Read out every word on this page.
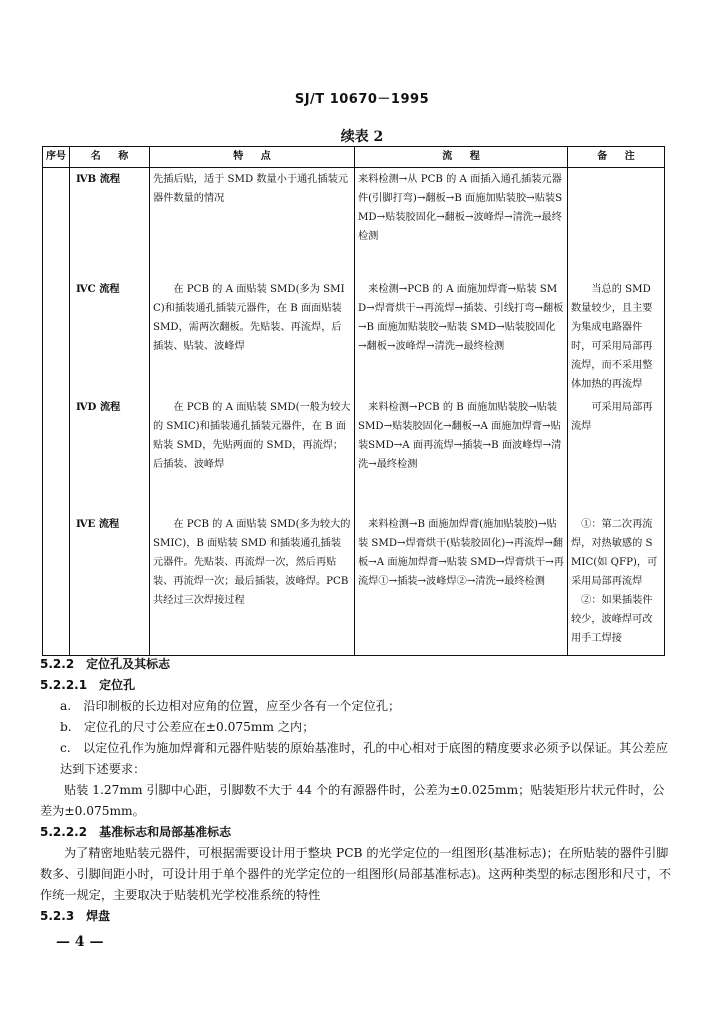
SJ/T 10670－1995
续表 2
序号	名 称	特 点	流 程	备 注
	ⅣB 流程	先插后贴，适于 SMD 数量小于通孔插装元器件数量的情况	来料检测→从 PCB 的 A 面插入通孔插装元器件(引脚打弯)→翻板→B 面施加贴装胶→贴装SMD→贴装胶固化→翻板→波峰焊→清洗→最终检测	
	ⅣC 流程	　　在 PCB 的 A 面贴装 SMD(多为 SMIC)和插装通孔插装元器件，在 B 面面贴装 SMD，需两次翻板。先贴装、再流焊，后插装、贴装、波峰焊	　来检测→PCB 的 A 面施加焊膏→贴装 SMD→焊膏烘干→再流焊→插装、引线打弯→翻板→B 面施加贴装胶→贴装 SMD→贴装胶固化→翻板→波峰焊→清洗→最终检测	　　当总的 SMD 数量较少，且主要为集成电路器件时，可采用局部再流焊，而不采用整体加热的再流焊
	ⅣD 流程	　　在 PCB 的 A 面贴装 SMD(一般为较大的 SMIC)和插装通孔插装元器件，在 B 面贴装 SMD，先贴两面的 SMD，再流焊；后插装、波峰焊	　来料检测→PCB 的 B 面施加贴装胶→贴装 SMD→贴装胶固化→翻板→A 面施加焊膏→贴装SMD→A 面再流焊→插装→B 面波峰焊→清洗→最终检测	　　可采用局部再流焊
	ⅣE 流程	　　在 PCB 的 A 面贴装 SMD(多为较大的 SMIC)，B 面贴装 SMD 和插装通孔插装元器件。先贴装、再流焊一次，然后再贴装、再流焊一次；最后插装，波峰焊。PCB 共经过三次焊接过程	　来料检测→B 面施加焊膏(施加贴装胶)→贴装 SMD→焊膏烘干(贴装胶固化)→再流焊→翻板→A 面施加焊膏→贴装 SMD→焊膏烘干→再流焊①→插装→波峰焊②→清洗→最终检测	　①：第二次再流焊，对热敏感的 SMIC(如 QFP)，可采用局部再流焊
　②：如果插装件较少，波峰焊可改用手工焊接
5.2.2　定位孔及其标志
5.2.2.1　定位孔
a.　沿印制板的长边相对应角的位置，应至少各有一个定位孔；
b.　定位孔的尺寸公差应在±0.075mm 之内；
c.　以定位孔作为施加焊膏和元器件贴装的原始基准时，孔的中心相对于底图的精度要求必须予以保证。其公差应达到下述要求：
贴装 1.27mm 引脚中心距，引脚数不大于 44 个的有源器件时，公差为±0.025mm；贴装矩形片状元件时，公差为±0.075mm。
5.2.2.2　基准标志和局部基准标志
为了精密地贴装元器件，可根据需要设计用于整块 PCB 的光学定位的一组图形(基准标志)；在所贴装的器件引脚数多、引脚间距小时，可设计用于单个器件的光学定位的一组图形(局部基准标志)。这两种类型的标志图形和尺寸，不作统一规定，主要取决于贴装机光学校准系统的特性
5.2.3　焊盘
— 4 —
